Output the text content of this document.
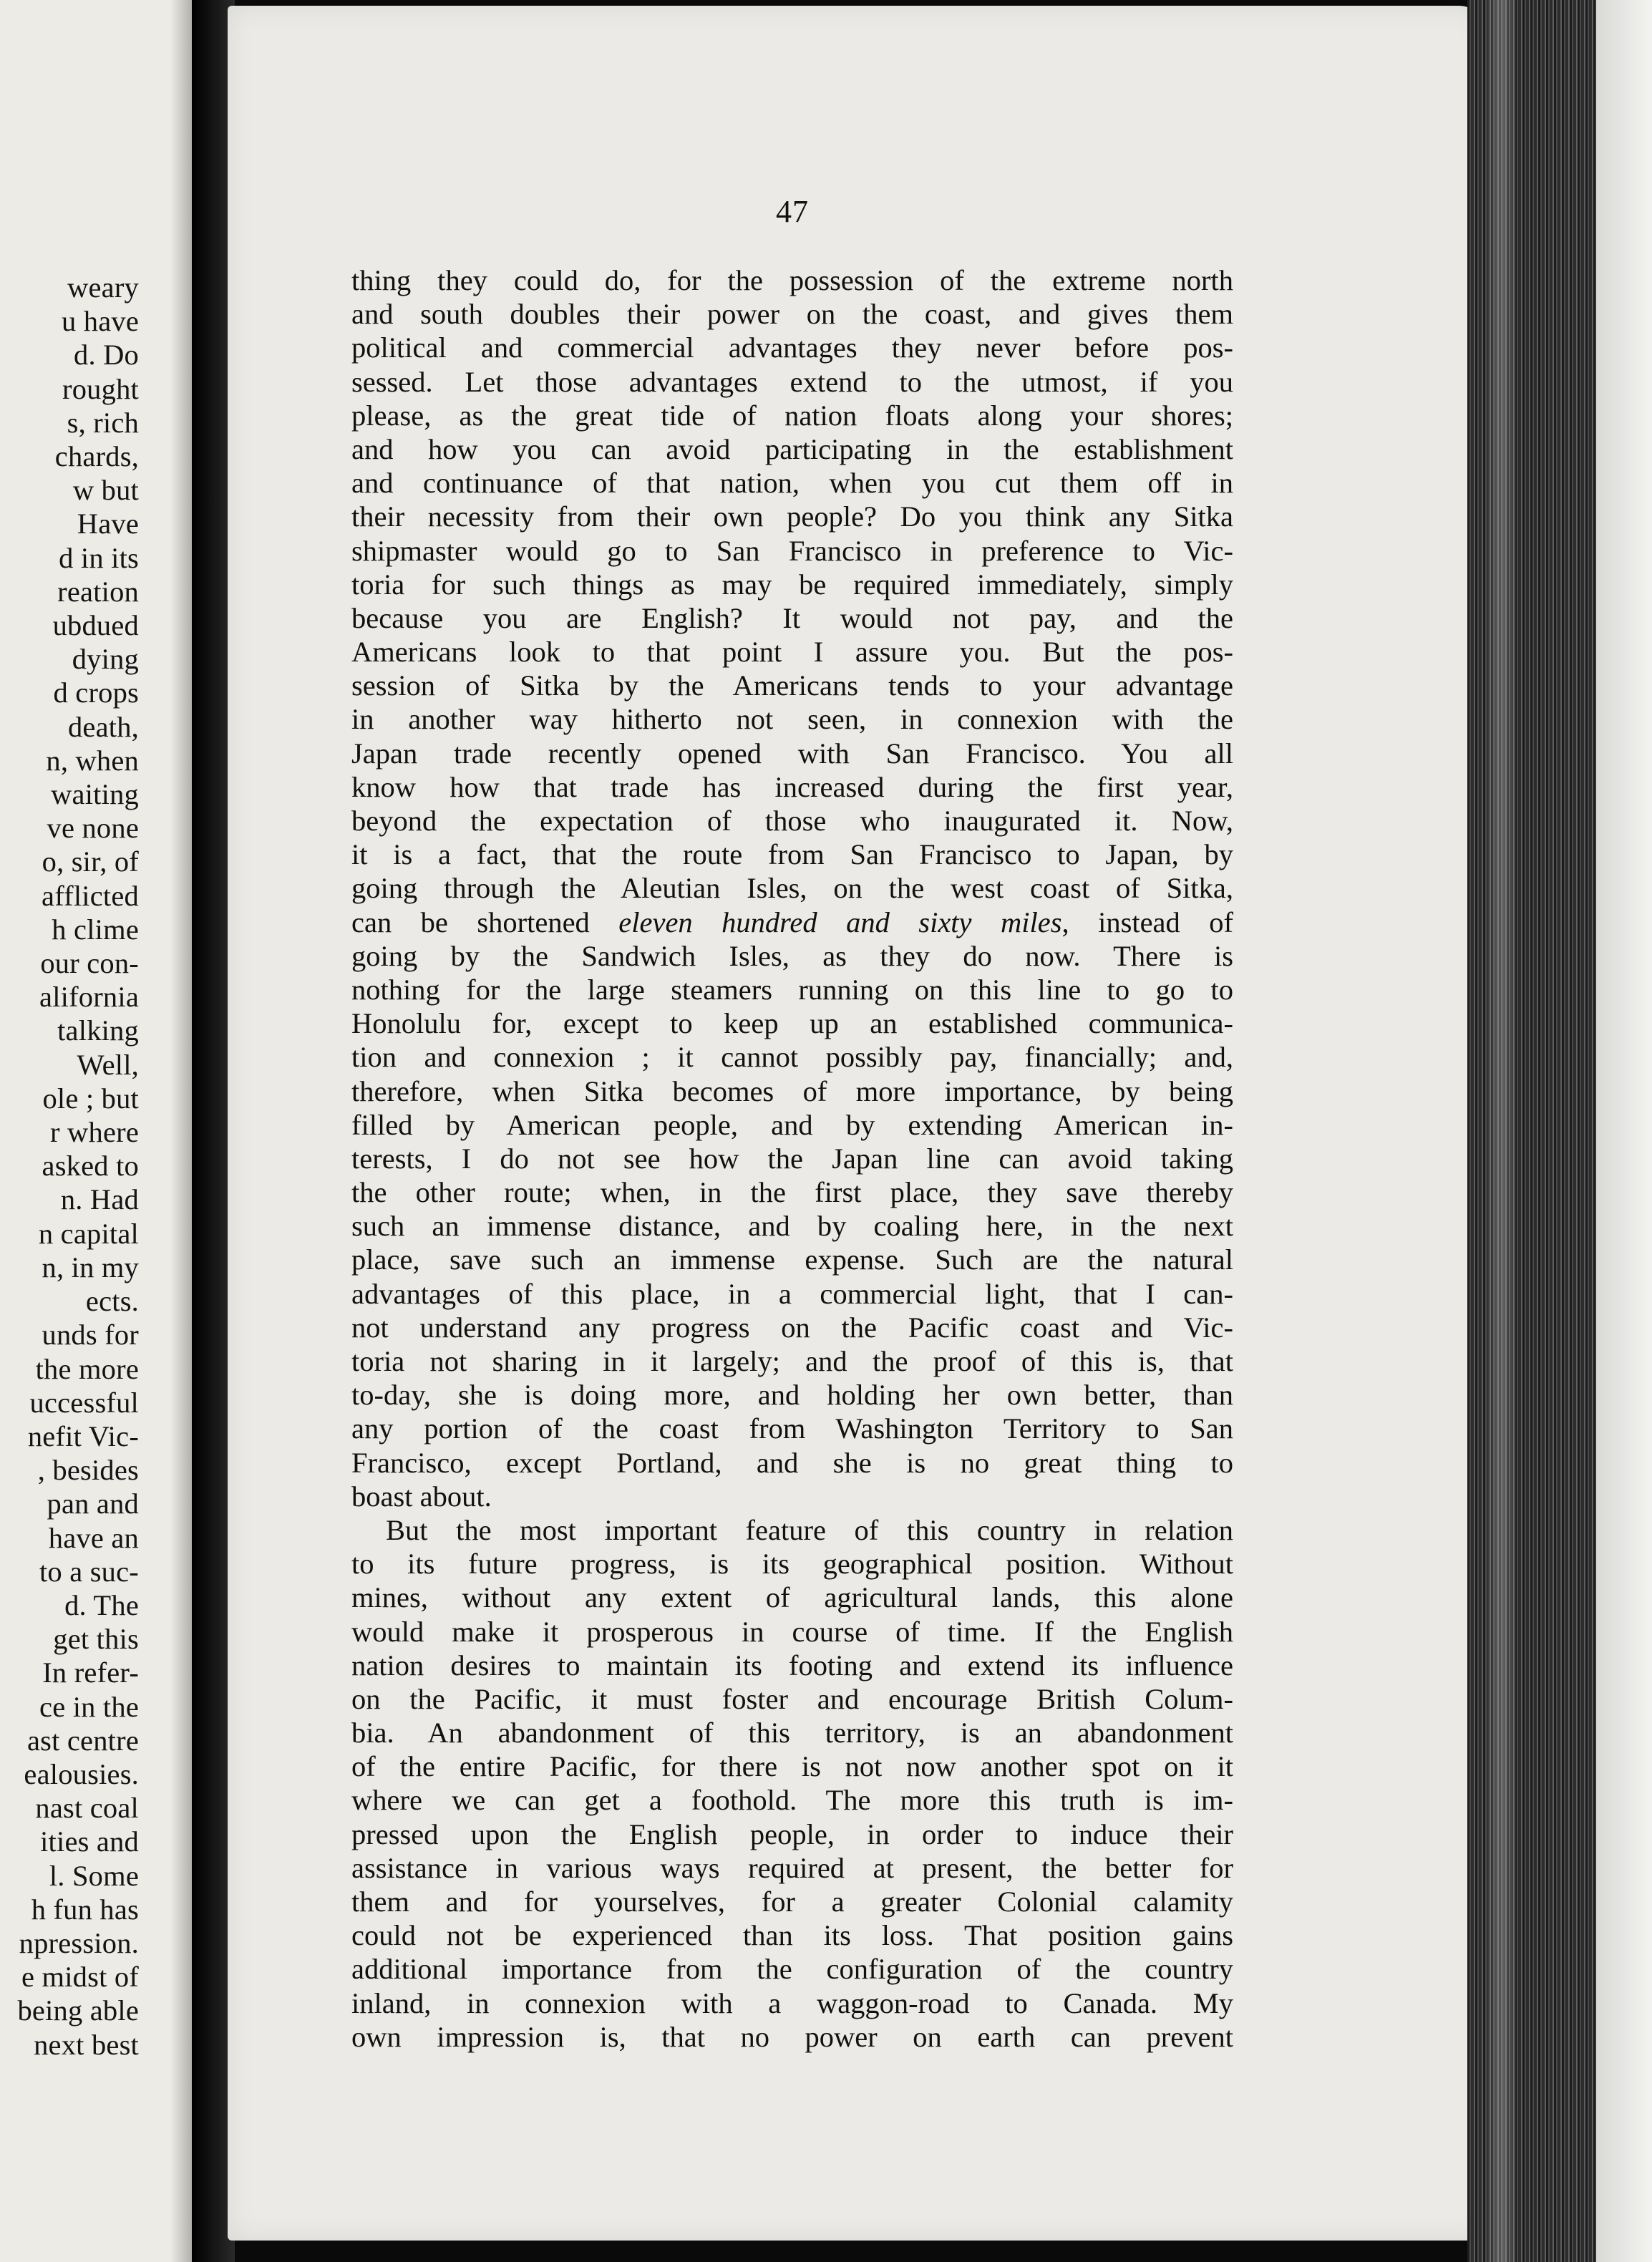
weary
u have
d. Do
rought
s, rich
chards,
w but
Have
d in its
reation
ubdued
dying
d crops
death,
n, when
waiting
ve none
o, sir, of
afflicted
h clime
our con-
alifornia
talking
Well,
ole ; but
r where
asked to
n. Had
n capital
n, in my
ects.
unds for
the more
uccessful
nefit Vic-
, besides
pan and
have an
to a suc-
d. The
get this
In refer-
ce in the
ast centre
ealousies.
nast coal
ities and
l. Some
h fun has
npression.
e midst of
being able
next best
47
thing they could do, for the possession of the extreme north
and south doubles their power on the coast, and gives them
political and commercial advantages they never before pos-
sessed. Let those advantages extend to the utmost, if you
please, as the great tide of nation floats along your shores;
and how you can avoid participating in the establishment
and continuance of that nation, when you cut them off in
their necessity from their own people? Do you think any Sitka
shipmaster would go to San Francisco in preference to Vic-
toria for such things as may be required immediately, simply
because you are English? It would not pay, and the
Americans look to that point I assure you. But the pos-
session of Sitka by the Americans tends to your advantage
in another way hitherto not seen, in connexion with the
Japan trade recently opened with San Francisco. You all
know how that trade has increased during the first year,
beyond the expectation of those who inaugurated it. Now,
it is a fact, that the route from San Francisco to Japan, by
going through the Aleutian Isles, on the west coast of Sitka,
can be shortened eleven hundred and sixty miles, instead of
going by the Sandwich Isles, as they do now. There is
nothing for the large steamers running on this line to go to
Honolulu for, except to keep up an established communica-
tion and connexion ; it cannot possibly pay, financially; and,
therefore, when Sitka becomes of more importance, by being
filled by American people, and by extending American in-
terests, I do not see how the Japan line can avoid taking
the other route; when, in the first place, they save thereby
such an immense distance, and by coaling here, in the next
place, save such an immense expense. Such are the natural
advantages of this place, in a commercial light, that I can-
not understand any progress on the Pacific coast and Vic-
toria not sharing in it largely; and the proof of this is, that
to-day, she is doing more, and holding her own better, than
any portion of the coast from Washington Territory to San
Francisco, except Portland, and she is no great thing to
boast about.
But the most important feature of this country in relation
to its future progress, is its geographical position. Without
mines, without any extent of agricultural lands, this alone
would make it prosperous in course of time. If the English
nation desires to maintain its footing and extend its influence
on the Pacific, it must foster and encourage British Colum-
bia. An abandonment of this territory, is an abandonment
of the entire Pacific, for there is not now another spot on it
where we can get a foothold. The more this truth is im-
pressed upon the English people, in order to induce their
assistance in various ways required at present, the better for
them and for yourselves, for a greater Colonial calamity
could not be experienced than its loss. That position gains
additional importance from the configuration of the country
inland, in connexion with a waggon-road to Canada. My
own impression is, that no power on earth can prevent
